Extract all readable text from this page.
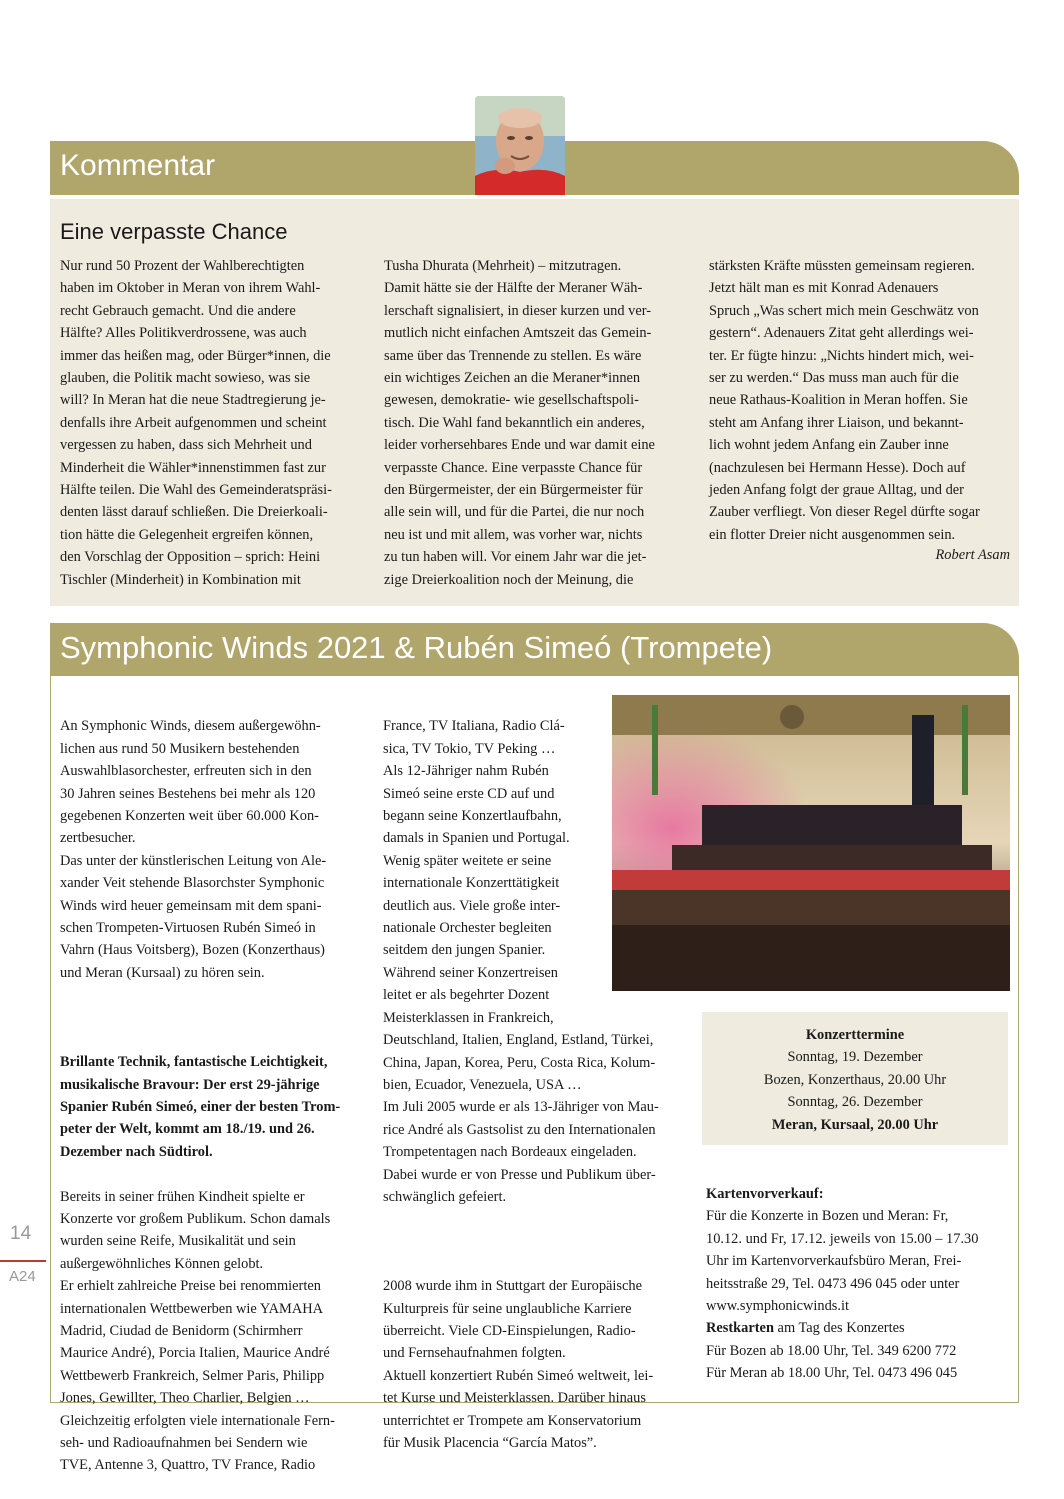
Kommentar
Eine verpasste Chance
Nur rund 50 Prozent der Wahlberechtigten
haben im Oktober in Meran von ihrem Wahl-
recht Gebrauch gemacht. Und die andere
Hälfte? Alles Politikverdrossene, was auch
immer das heißen mag, oder Bürger*innen, die
glauben, die Politik macht sowieso, was sie
will? In Meran hat die neue Stadtregierung je-
denfalls ihre Arbeit aufgenommen und scheint
vergessen zu haben, dass sich Mehrheit und
Minderheit die Wähler*innenstimmen fast zur
Hälfte teilen. Die Wahl des Gemeinderatspräsi-
denten lässt darauf schließen. Die Dreierkoali-
tion hätte die Gelegenheit ergreifen können,
den Vorschlag der Opposition – sprich: Heini
Tischler (Minderheit) in Kombination mit
Tusha Dhurata (Mehrheit) – mitzutragen.
Damit hätte sie der Hälfte der Meraner Wäh-
lerschaft signalisiert, in dieser kurzen und ver-
mutlich nicht einfachen Amtszeit das Gemein-
same über das Trennende zu stellen. Es wäre
ein wichtiges Zeichen an die Meraner*innen
gewesen, demokratie- wie gesellschaftspoli-
tisch. Die Wahl fand bekanntlich ein anderes,
leider vorhersehbares Ende und war damit eine
verpasste Chance. Eine verpasste Chance für
den Bürgermeister, der ein Bürgermeister für
alle sein will, und für die Partei, die nur noch
neu ist und mit allem, was vorher war, nichts
zu tun haben will. Vor einem Jahr war die jet-
zige Dreierkoalition noch der Meinung, die
stärksten Kräfte müssten gemeinsam regieren.
Jetzt hält man es mit Konrad Adenauers
Spruch „Was schert mich mein Geschwätz von
gestern“. Adenauers Zitat geht allerdings wei-
ter. Er fügte hinzu: „Nichts hindert mich, wei-
ser zu werden.“ Das muss man auch für die
neue Rathaus-Koalition in Meran hoffen. Sie
steht am Anfang ihrer Liaison, und bekannt-
lich wohnt jedem Anfang ein Zauber inne
(nachzulesen bei Hermann Hesse). Doch auf
jeden Anfang folgt der graue Alltag, und der
Zauber verfliegt. Von dieser Regel dürfte sogar
ein flotter Dreier nicht ausgenommen sein.
Robert Asam
Symphonic Winds 2021 & Rubén Simeó (Trompete)

An Symphonic Winds, diesem außergewöhn-
lichen aus rund 50 Musikern bestehenden
Auswahlblasorchester, erfreuten sich in den
30 Jahren seines Bestehens bei mehr als 120
gegebenen Konzerten weit über 60.000 Kon-
zertbesucher.
Das unter der künstlerischen Leitung von Ale-
xander Veit stehende Blasorchster Symphonic
Winds wird heuer gemeinsam mit dem spani-
schen Trompeten-Virtuosen Rubén Simeó in
Vahrn (Haus Voitsberg), Bozen (Konzerthaus)
und Meran (Kursaal) zu hören sein.

Brillante Technik, fantastische Leichtigkeit,
musikalische Bravour: Der erst 29-jährige
Spanier Rubén Simeó, einer der besten Trom-
peter der Welt, kommt am 18./19. und 26.
Dezember nach Südtirol.

Bereits in seiner frühen Kindheit spielte er
Konzerte vor großem Publikum. Schon damals
wurden seine Reife, Musikalität und sein
außergewöhnliches Können gelobt.
Er erhielt zahlreiche Preise bei renommierten
internationalen Wettbewerben wie YAMAHA
Madrid, Ciudad de Benidorm (Schirmherr
Maurice André), Porcia Italien, Maurice André
Wettbewerb Frankreich, Selmer Paris, Philipp
Jones, Gewillter, Theo Charlier, Belgien …
Gleichzeitig erfolgten viele internationale Fern-
seh- und Radioaufnahmen bei Sendern wie
TVE, Antenne 3, Quattro, TV France, Radio

France, TV Italiana, Radio Clá-
sica, TV Tokio, TV Peking …
Als 12-Jähriger nahm Rubén
Simeó seine erste CD auf und
begann seine Konzertlaufbahn,
damals in Spanien und Portugal.
Wenig später weitete er seine
internationale Konzerttätigkeit
deutlich aus. Viele große inter-
nationale Orchester begleiten
seitdem den jungen Spanier.
Während seiner Konzertreisen
leitet er als begehrter Dozent
Meisterklassen in Frankreich,
Deutschland, Italien, England, Estland, Türkei,
China, Japan, Korea, Peru, Costa Rica, Kolum-
bien, Ecuador, Venezuela, USA …
Im Juli 2005 wurde er als 13-Jähriger von Mau-
rice André als Gastsolist zu den Internationalen
Trompetentagen nach Bordeaux eingeladen.
Dabei wurde er von Presse und Publikum über-
schwänglich gefeiert.

2008 wurde ihm in Stuttgart der Europäische
Kulturpreis für seine unglaubliche Karriere
überreicht. Viele CD-Einspielungen, Radio-
und Fernsehaufnahmen folgten.
Aktuell konzertiert Rubén Simeó weltweit, lei-
tet Kurse und Meisterklassen. Darüber hinaus
unterrichtet er Trompete am Konservatorium
für Musik Placencia “García Matos”.

Konzerttermine
Sonntag, 19. Dezember
Bozen, Konzerthaus, 20.00 Uhr
Sonntag, 26. Dezember
Meran, Kursaal, 20.00 Uhr
Kartenvorverkauf:
Für die Konzerte in Bozen und Meran: Fr,
10.12. und Fr, 17.12. jeweils von 15.00 – 17.30
Uhr im Kartenvorverkaufsbüro Meran, Frei-
heitsstraße 29, Tel. 0473 496 045 oder unter
www.symphonicwinds.it
Restkarten am Tag des Konzertes
Für Bozen ab 18.00 Uhr, Tel. 349 6200 772
Für Meran ab 18.00 Uhr, Tel. 0473 496 045
14
A24
